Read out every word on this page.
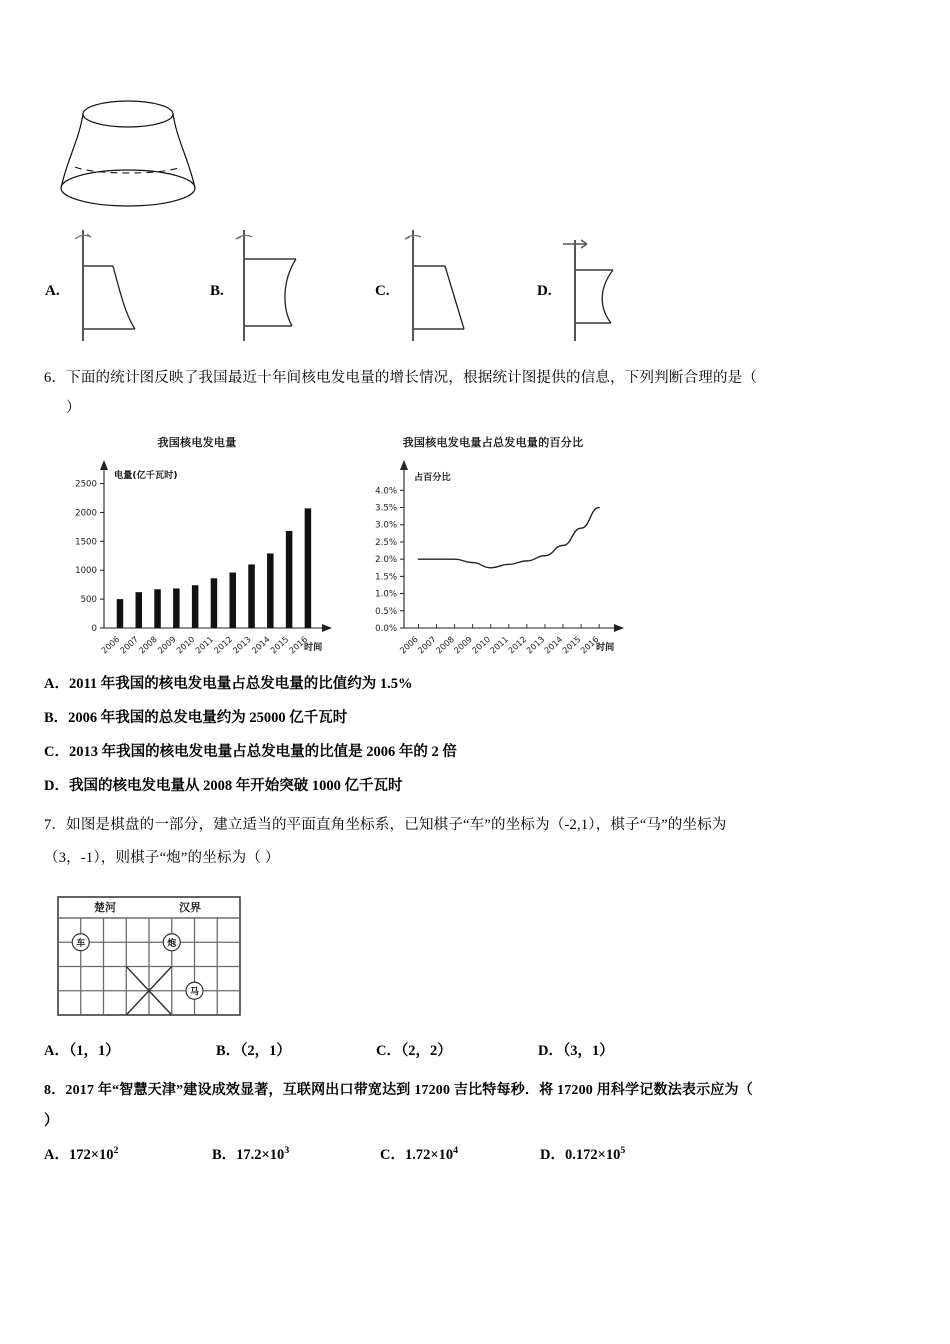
A.	B.	C.	D.
6．下面的统计图反映了我国最近十年间核电发电量的增长情况，根据统计图提供的信息，下列判断合理的是（
）
我国核电发电量
0
500
1000
1500
2000
2500
2006
2007
2008
2009
2010
2011
2012
2013
2014
2015
2016
电量(亿千瓦时)
时间
我国核电发电量占总发电量的百分比
0.0%
0.5%
1.0%
1.5%
2.0%
2.5%
3.0%
3.5%
4.0%
2006
2007
2008
2009
2010
2011
2012
2013
2014
2015
2016
占百分比
时间
A．2011 年我国的核电发电量占总发电量的比值约为 1.5%
B．2006 年我国的总发电量约为 25000 亿千瓦时
C．2013 年我国的核电发电量占总发电量的比值是 2006 年的 2 倍
D．我国的核电发电量从 2008 年开始突破 1000 亿千瓦时
7．如图是棋盘的一部分，建立适当的平面直角坐标系，已知棋子“车”的坐标为（-2,1），棋子“马”的坐标为
（3，-1），则棋子“炮”的坐标为（ ）
楚河	汉界
车	炮
马
A．（1，1）	B．（2，1）	C．（2，2）	D．（3，1）
8．2017 年“智慧天津”建设成效显著，互联网出口带宽达到 17200 吉比特每秒．将 17200 用科学记数法表示应为（
）
A．$172\times 10^2$	B．$17.2\times 10^3$	C．$1.72\times 10^4$	D．$0.172\times 10^5$
